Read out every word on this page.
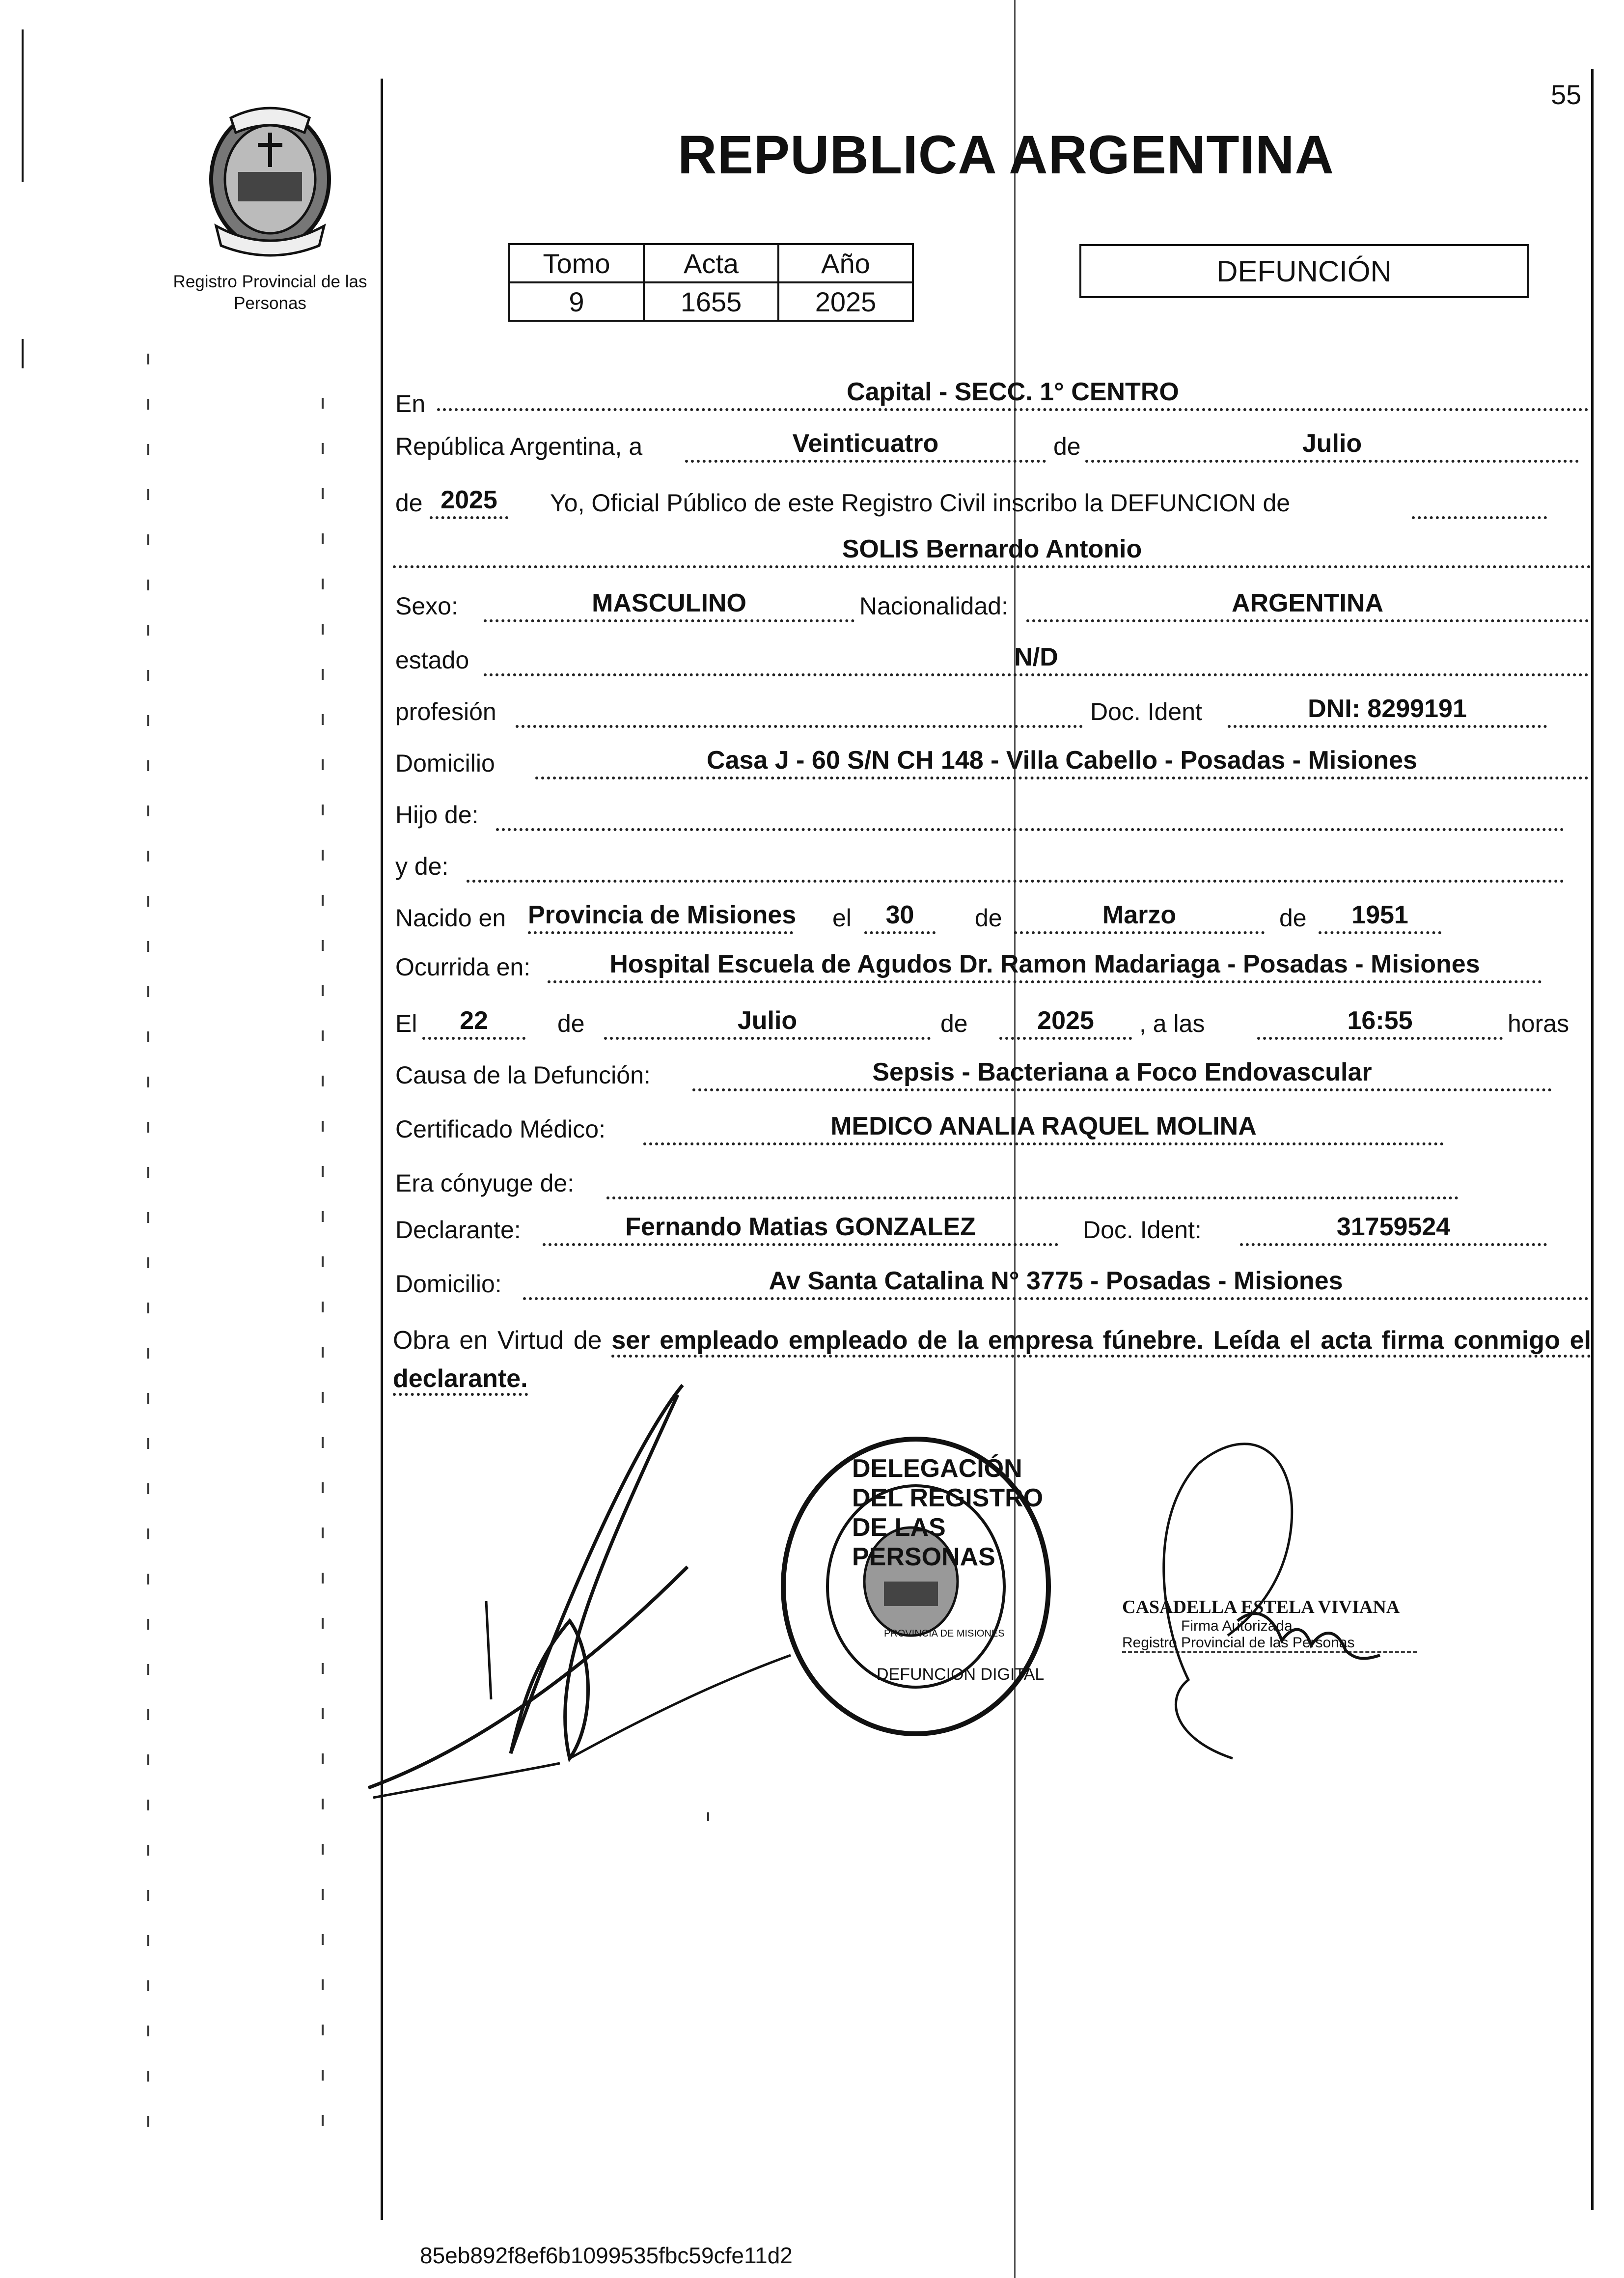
Registro Provincial de las Personas
55
REPUBLICA ARGENTINA
Tomo	Acta	Año
9	1655	2025
DEFUNCIÓN
En	Capital - SECC. 1° CENTRO
República Argentina, a	Veinticuatro	de	Julio
de 2025	Yo, Oficial Público de este Registro Civil inscribo la DEFUNCION de
SOLIS Bernardo Antonio
Sexo:	MASCULINO	Nacionalidad:	ARGENTINA
estado	N/D
profesión	Doc. Ident	DNI: 8299191
Domicilio	Casa J - 60 S/N CH 148 - Villa Cabello - Posadas - Misiones
Hijo de:
y de:
Nacido en Provincia de Misiones el	30	de	Marzo	de	1951
Ocurrida en:	Hospital Escuela de Agudos Dr. Ramon Madariaga - Posadas - Misiones
El	22	de	Julio	de	2025	, a las	16:55	horas
Causa de la Defunción:	Sepsis - Bacteriana a Foco Endovascular
Certificado Médico:	MEDICO ANALIA RAQUEL MOLINA
Era cónyuge de:
Declarante:	Fernando Matias GONZALEZ	Doc. Ident:	31759524
Domicilio:	Av Santa Catalina N° 3775 - Posadas - Misiones
Obra en Virtud de ser empleado empleado de la empresa fúnebre. Leída el acta firma conmigo el declarante.
DELEGACIÓN DEL REGISTRO DE LAS PERSONAS
DEFUNCION DIGITAL
PROVINCIA DE MISIONES
CASADELLA ESTELA VIVIANA
Firma Autorizada
Registro Provincial de las Personas
85eb892f8ef6b1099535fbc59cfe11d2
